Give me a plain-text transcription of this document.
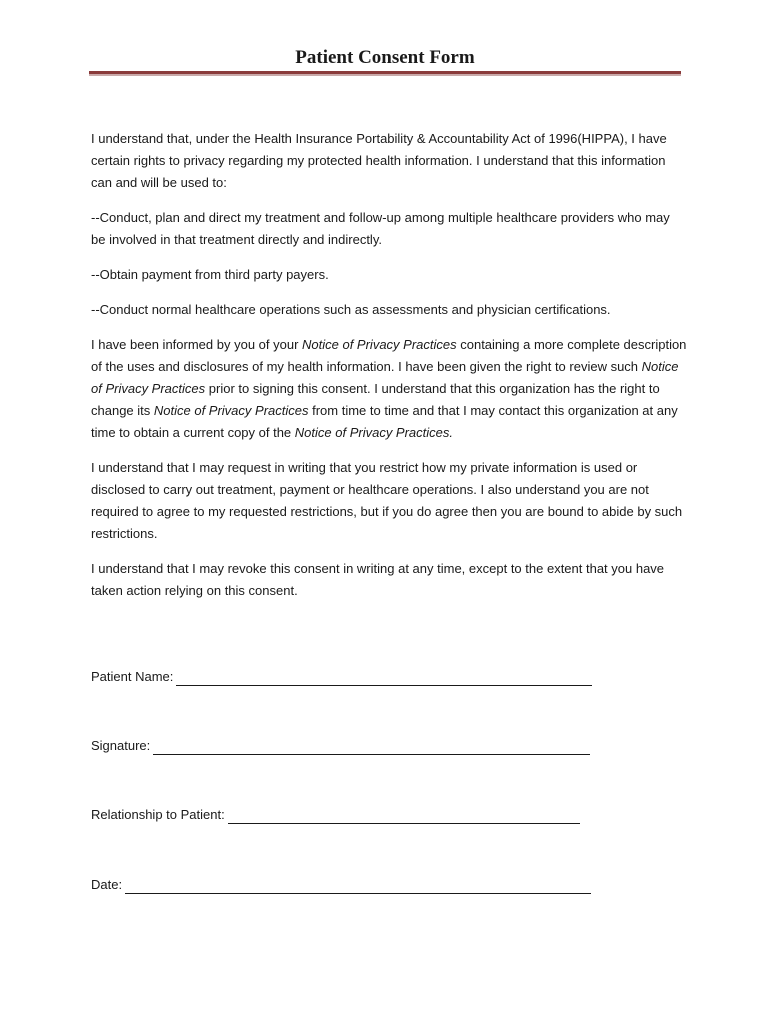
Patient Consent Form

I understand that, under the Health Insurance Portability & Accountability Act of 1996(HIPPA), I have certain rights to privacy regarding my protected health information. I understand that this information can and will be used to:

--Conduct, plan and direct my treatment and follow-up among multiple healthcare providers who may be involved in that treatment directly and indirectly.

--Obtain payment from third party payers.

--Conduct normal healthcare operations such as assessments and physician certifications.

I have been informed by you of your Notice of Privacy Practices containing a more complete description of the uses and disclosures of my health information. I have been given the right to review such Notice of Privacy Practices prior to signing this consent. I understand that this organization has the right to change its Notice of Privacy Practices from time to time and that I may contact this organization at any time to obtain a current copy of the Notice of Privacy Practices.

I understand that I may request in writing that you restrict how my private information is used or disclosed to carry out treatment, payment or healthcare operations. I also understand you are not required to agree to my requested restrictions, but if you do agree then you are bound to abide by such restrictions.

I understand that I may revoke this consent in writing at any time, except to the extent that you have taken action relying on this consent.

Patient Name:
Signature:
Relationship to Patient:
Date:
